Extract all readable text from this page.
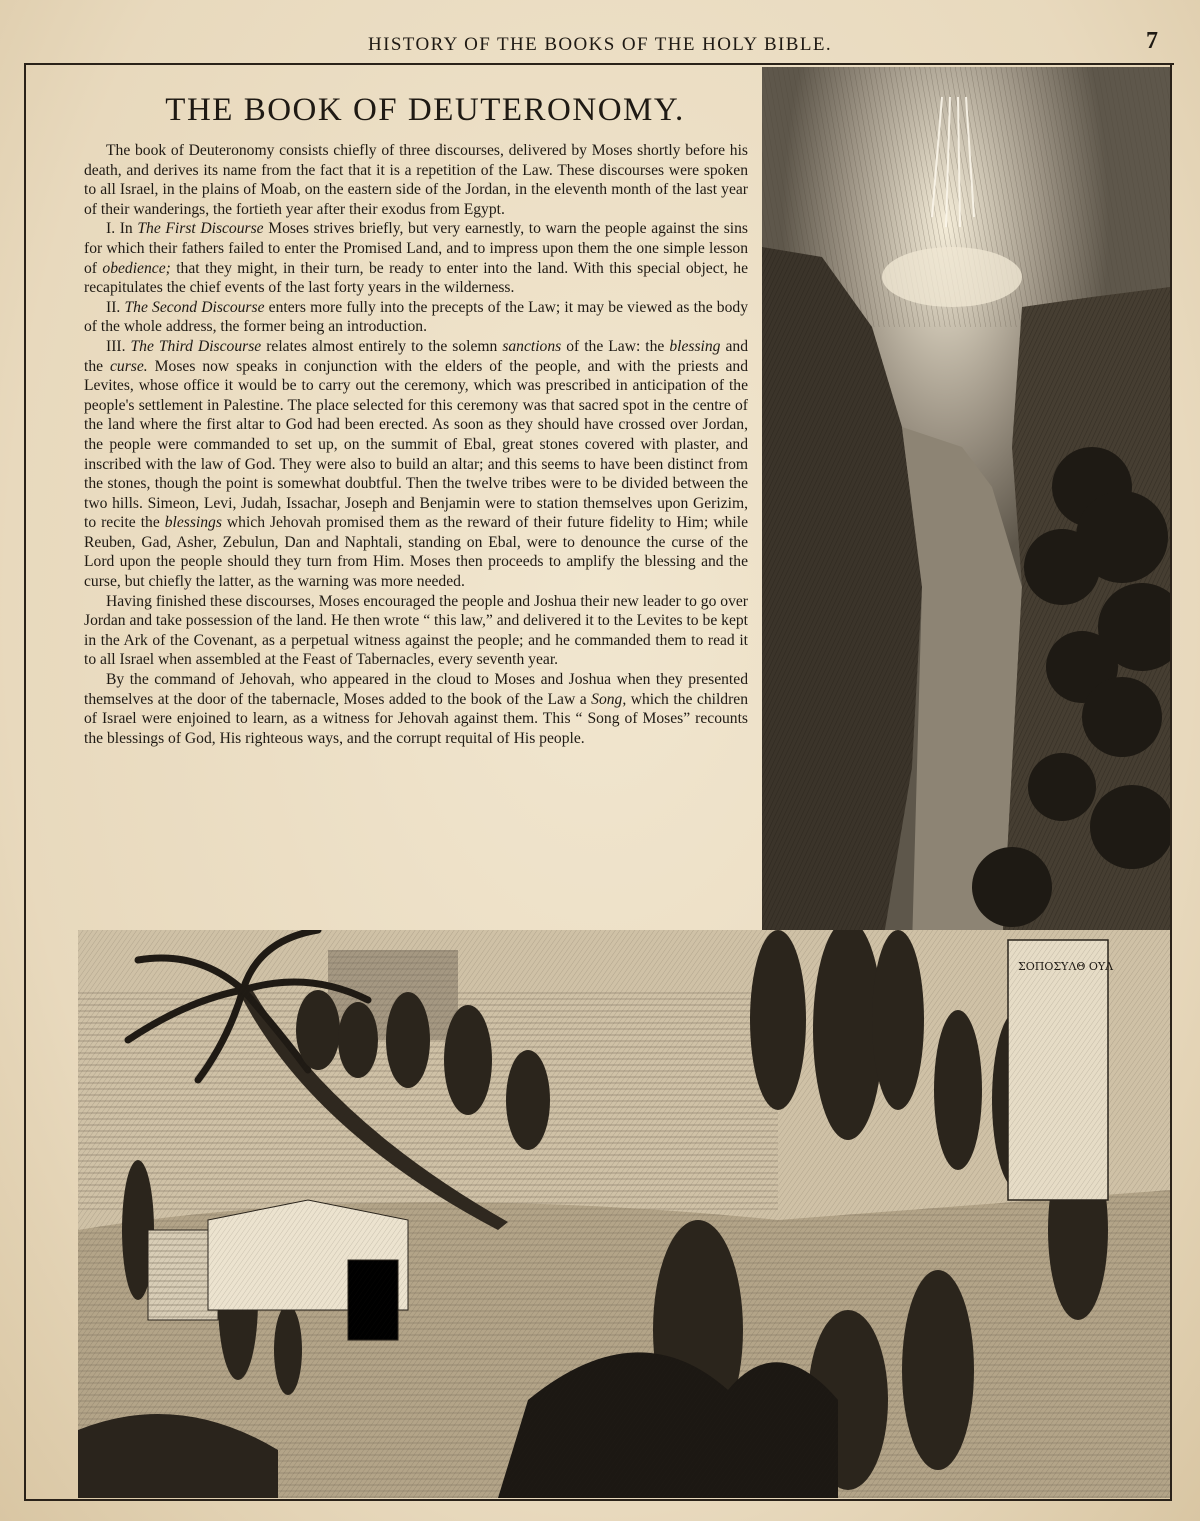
HISTORY OF THE BOOKS OF THE HOLY BIBLE.	7
ΣΟΠΟΣΥΛΘ ΟΥΛ
THE BOOK OF DEUTERONOMY.

The book of Deuteronomy consists chiefly of three discourses, delivered by Moses shortly before his death, and derives its name from the fact that it is a repetition of the Law. These discourses were spoken to all Israel, in the plains of Moab, on the eastern side of the Jordan, in the eleventh month of the last year of their wanderings, the fortieth year after their exodus from Egypt.

I. In The First Discourse Moses strives briefly, but very earnestly, to warn the people against the sins for which their fathers failed to enter the Promised Land, and to impress upon them the one simple lesson of obedience; that they might, in their turn, be ready to enter into the land. With this special object, he recapitulates the chief events of the last forty years in the wilderness.

II. The Second Discourse enters more fully into the precepts of the Law; it may be viewed as the body of the whole address, the former being an introduction.

III. The Third Discourse relates almost entirely to the solemn sanctions of the Law: the blessing and the curse. Moses now speaks in conjunction with the elders of the people, and with the priests and Levites, whose office it would be to carry out the ceremony, which was prescribed in anticipation of the people's settlement in Palestine. The place selected for this ceremony was that sacred spot in the centre of the land where the first altar to God had been erected. As soon as they should have crossed over Jordan, the people were commanded to set up, on the summit of Ebal, great stones covered with plaster, and inscribed with the law of God. They were also to build an altar; and this seems to have been distinct from the stones, though the point is somewhat doubtful. Then the twelve tribes were to be divided between the two hills. Simeon, Levi, Judah, Issachar, Joseph and Benjamin were to station themselves upon Gerizim, to recite the blessings which Jehovah promised them as the reward of their future fidelity to Him; while Reuben, Gad, Asher, Zebulun, Dan and Naphtali, standing on Ebal, were to denounce the curse of the Lord upon the people should they turn from Him. Moses then proceeds to amplify the blessing and the curse, but chiefly the latter, as the warning was more needed.

Having finished these discourses, Moses encouraged the people and Joshua their new leader to go over Jordan and take possession of the land. He then wrote “ this law,” and delivered it to the Levites to be kept in the Ark of the Covenant, as a perpetual witness against the people; and he commanded them to read it to all Israel when assembled at the Feast of Tabernacles, every seventh year.

By the command of Jehovah, who appeared in the cloud to Moses and Joshua when they presented themselves at the door of the tabernacle, Moses added to the book of the Law a Song, which the children of Israel were enjoined to learn, as a witness for Jehovah against them. This “ Song of Moses” recounts the blessings of God, His righteous ways, and the corrupt requital of His people.
